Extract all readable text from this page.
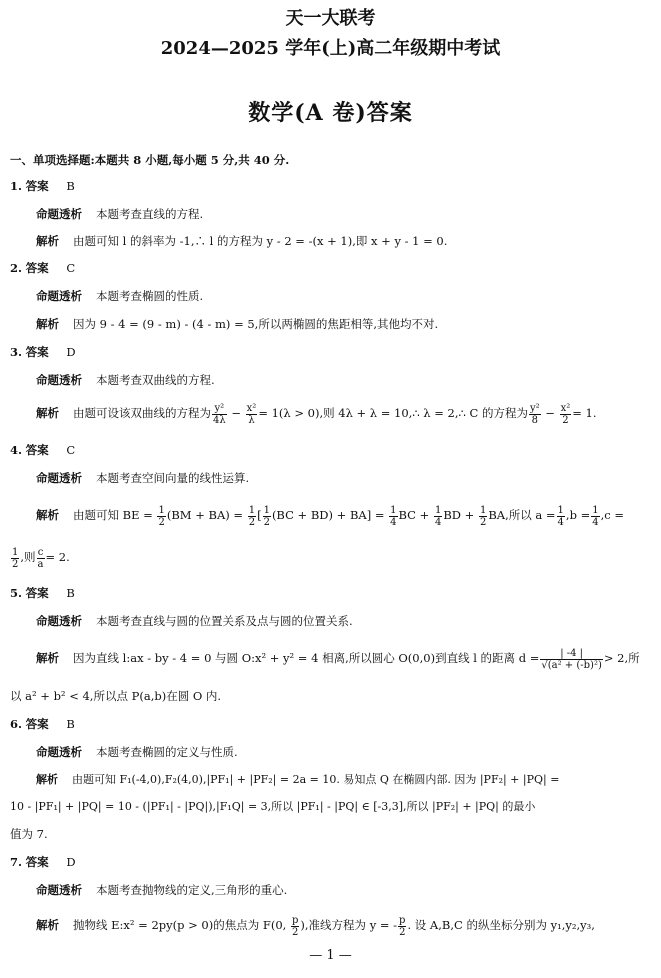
天一大联考
2024—2025 学年(上)高二年级期中考试
数学(A 卷)答案
一、单项选择题:本题共 8 小题,每小题 5 分,共 40 分.
1. 答案 B
命题透析 本题考查直线的方程.
解析 由题可知 l 的斜率为 -1,∴ l 的方程为 y - 2 = -(x + 1),即 x + y - 1 = 0.
2. 答案 C
命题透析 本题考查椭圆的性质.
解析 因为 9 - 4 = (9 - m) - (4 - m) = 5,所以两椭圆的焦距相等,其他均不对.
3. 答案 D
命题透析 本题考查双曲线的方程.
解析 由题可设该双曲线的方程为 $\frac{\text{y²}}{4\lambda} - \frac{\text{x²}}{\lambda} = 1(\lambda > 0)$,则 4λ + λ = 10,∴ λ = 2,∴ C 的方程为 $\frac{\text{y²}}{8} - \frac{\text{x²}}{2} = 1$.
4. 答案 C
命题透析 本题考查空间向量的线性运算.
解析 由题可知 BE = $\frac{1}{2} (BM + BA) = \frac{1}{2}$ [ $\frac{1}{2} (BC + BD) + BA] = \frac{1}{4}$ BC + $\frac{1}{4}$ BD + $\frac{1}{2}$ BA,所以 $a = \frac{1}{4} ,b = \frac{1}{4} ,c$ =
$\frac{1}{2}$ ,则 $\frac{c}{a} = 2$.
5. 答案 B
命题透析 本题考查直线与圆的位置关系及点与圆的位置关系.
解析 因为直线 l:ax - by - 4 = 0 与圆 O:x² + y² = 4 相离,所以圆心 O(0,0)到直线 l 的距离 $d = \frac{| -4 |}{\text{√(a² + (-b)²)}} > 2$,所
以 a² + b² < 4,所以点 P(a,b)在圆 O 内.
6. 答案 B
命题透析 本题考查椭圆的定义与性质.
解析 由题可知 F₁(-4,0),F₂(4,0),|PF₁| + |PF₂| = 2a = 10. 易知点 Q 在椭圆内部. 因为 |PF₂| + |PQ| =
10 - |PF₁| + |PQ| = 10 - (|PF₁| - |PQ|),|F₁Q| = 3,所以 |PF₁| - |PQ| ∈ [-3,3],所以 |PF₂| + |PQ| 的最小
值为 7.
7. 答案 D
命题透析 本题考查抛物线的定义,三角形的重心.
解析 抛物线 E:x² = 2py(p > 0)的焦点为 F(0, $\frac{p}{2}$ ),准线方程为 y = - $\frac{p}{2}$ . 设 A,B,C 的纵坐标分别为 y₁,y₂,y₃,
— 1 —
